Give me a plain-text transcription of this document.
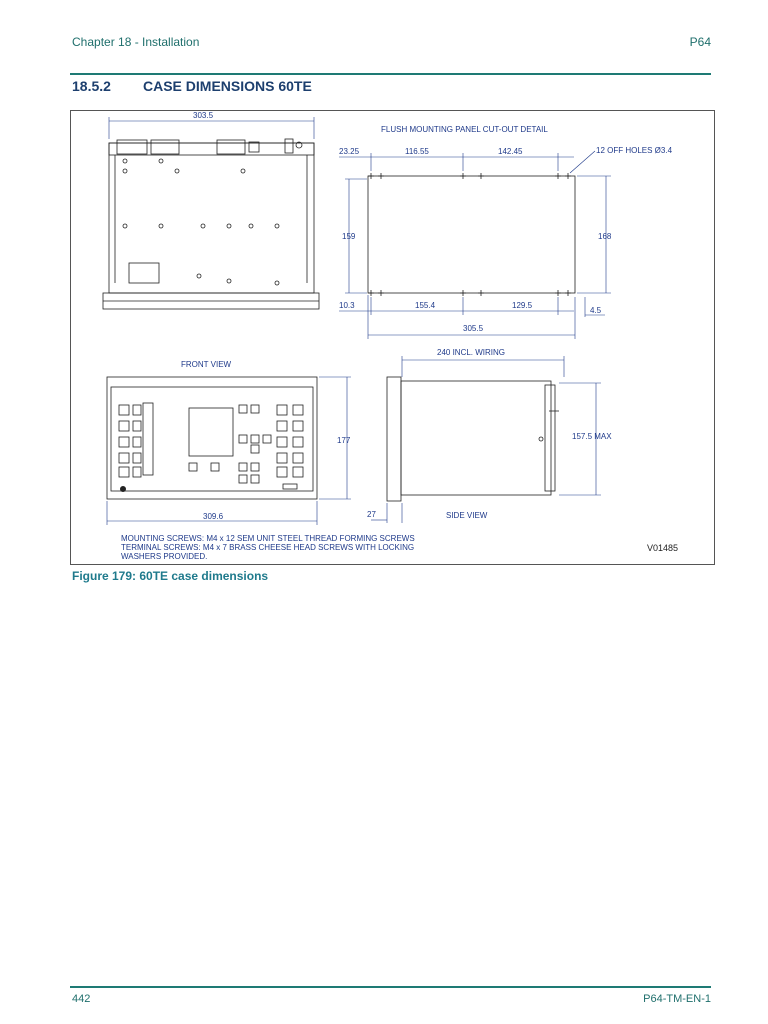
Chapter 18 - Installation	P64
18.5.2 CASE DIMENSIONS 60TE
303.5
FLUSH MOUNTING PANEL CUT-OUT DETAIL
23.25	116.55	142.45	12 OFF HOLES Ø3.4
159	168
10.3	155.4	129.5
4.5
305.5
FRONT VIEW
177
309.6
240 INCL. WIRING
157.5 MAX
27	SIDE VIEW
MOUNTING SCREWS: M4 x 12 SEM UNIT STEEL THREAD FORMING SCREWS
TERMINAL SCREWS: M4 x 7 BRASS CHEESE HEAD SCREWS WITH LOCKING
WASHERS PROVIDED.
V01485
Figure 179: 60TE case dimensions
442	P64-TM-EN-1
